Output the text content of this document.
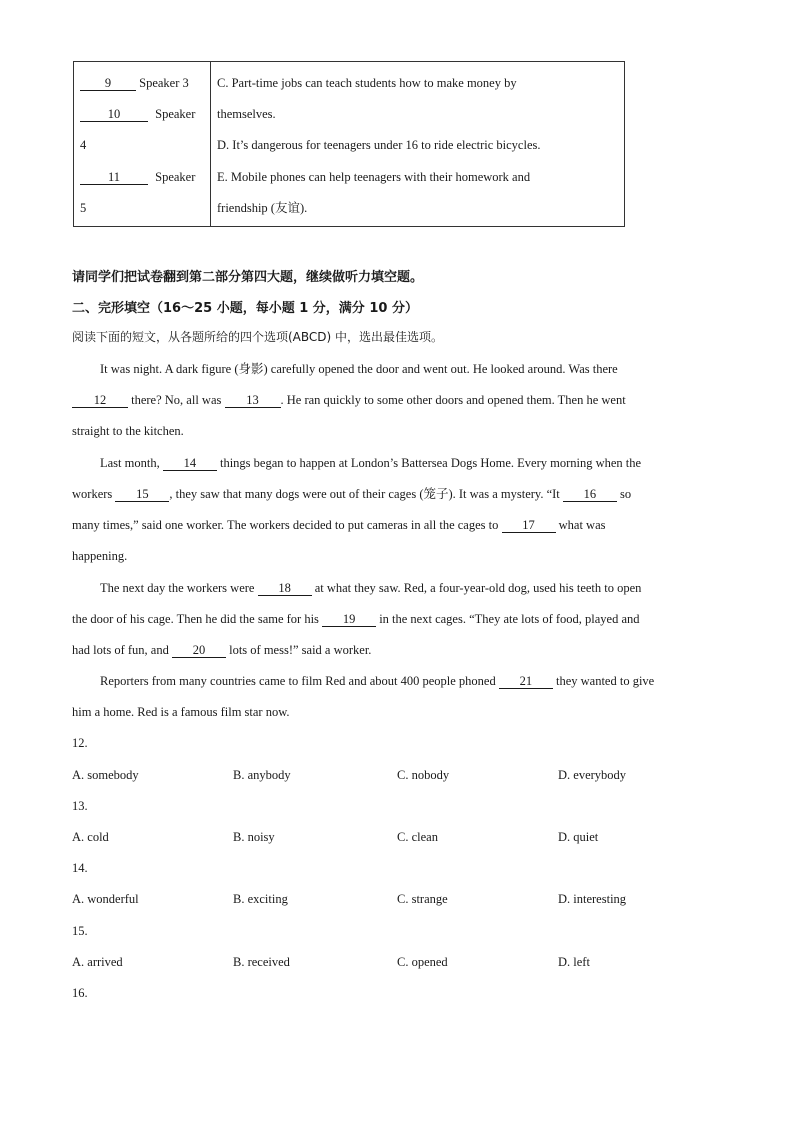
9 Speaker 3
10	Speaker
4
11	Speaker
5
C. Part-time jobs can teach students how to make money by
themselves.
D. It’s dangerous for teenagers under 16 to ride electric bicycles.
E. Mobile phones can help teenagers with their homework and
friendship (友谊).
请同学们把试卷翻到第二部分第四大题，继续做听力填空题。
二、完形填空（16～25 小题，每小题 1 分，满分 10 分）
阅读下面的短文，从各题所给的四个选项(ABCD) 中，选出最佳选项。
It was night. A dark figure (身影) carefully opened the door and went out. He looked around. Was there
12 there? No, all was 13 . He ran quickly to some other doors and opened them. Then he went
straight to the kitchen.
Last month, 14 things began to happen at London’s Battersea Dogs Home. Every morning when the
workers 15 , they saw that many dogs were out of their cages (笼子). It was a mystery. “It 16 so
many times,” said one worker. The workers decided to put cameras in all the cages to 17 what was
happening.
The next day the workers were 18 at what they saw. Red, a four-year-old dog, used his teeth to open
the door of his cage. Then he did the same for his 19 in the next cages. “They ate lots of food, played and
had lots of fun, and 20 lots of mess!” said a worker.
Reporters from many countries came to film Red and about 400 people phoned 21 they wanted to give
him a home. Red is a famous film star now.
12.
A. somebody	B. anybody	C. nobody	D. everybody
13.
A. cold	B. noisy	C. clean	D. quiet
14.
A. wonderful	B. exciting	C. strange	D. interesting
15.
A. arrived	B. received	C. opened	D. left
16.
